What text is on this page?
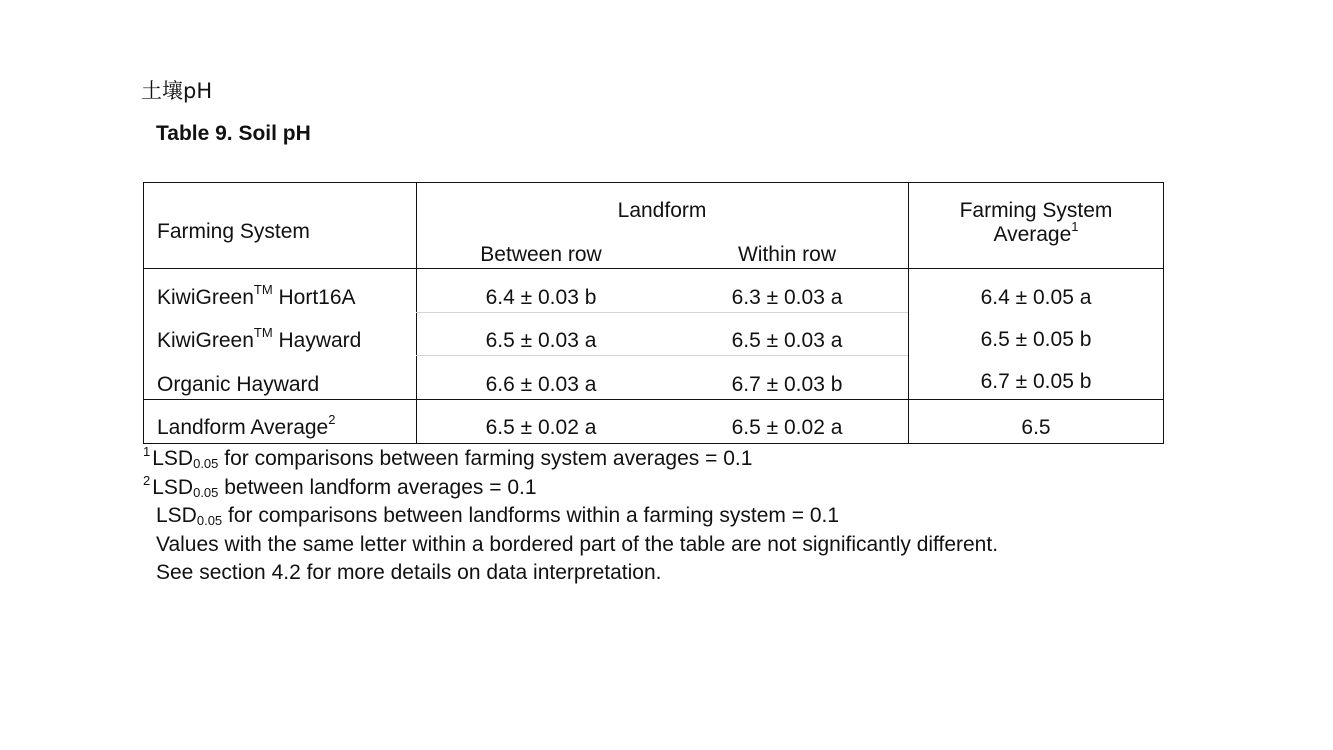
土壤pH
Table 9. Soil pH
Farming System
Landform
Between row	Within row
Farming System
Average$^1$
KiwiGreen™ Hort16A	6.4 ± 0.03 b	6.3 ± 0.03 a	6.4 ± 0.05 a
KiwiGreen™ Hayward	6.5 ± 0.03 a	6.5 ± 0.03 a	6.5 ± 0.05 b
Organic Hayward	6.6 ± 0.03 a	6.7 ± 0.03 b	6.7 ± 0.05 b
Landform Average$^2$	6.5 ± 0.02 a	6.5 ± 0.02 a	6.5
$^1LSD_{0.05}$ for comparisons between farming system averages = 0.1
$^2LSD_{0.05}$ between landform averages = 0.1
$LSD_{0.05}$ for comparisons between landforms within a farming system = 0.1
Values with the same letter within a bordered part of the table are not significantly different.
See section 4.2 for more details on data interpretation.
